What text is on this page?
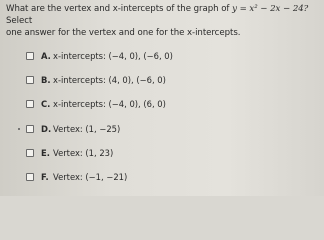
What are the vertex and x-intercepts of the graph of y = x² − 2x − 24? Select
one answer for the vertex and one for the x-intercepts.
A. x-intercepts: (−4, 0), (−6, 0)
B. x-intercepts: (4, 0), (−6, 0)
C. x-intercepts: (−4, 0), (6, 0)
D. Vertex: (1, −25)
E. Vertex: (1, 23)
F. Vertex: (−1, −21)
